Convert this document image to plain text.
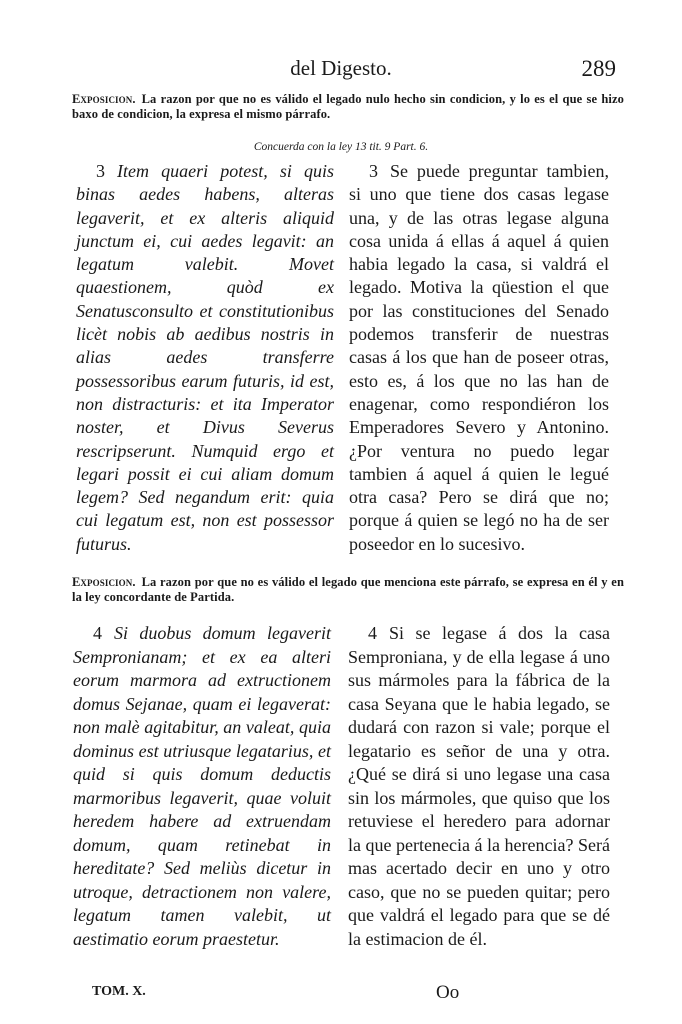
del Digesto.	289
Exposicion. La razon por que no es válido el legado nulo hecho sin condicion, y lo es el que se hizo baxo de condicion, la expresa el mismo párrafo.
Concuerda con la ley 13 tit. 9 Part. 6.
3 Item quaeri potest, si quis binas aedes habens, alteras legaverit, et ex alteris aliquid junctum ei, cui aedes legavit: an legatum valebit. Movet quaestionem, quòd ex Senatusconsulto et constitutionibus licèt nobis ab aedibus nostris in alias aedes transferre possessoribus earum futuris, id est, non distracturis: et ita Imperator noster, et Divus Severus rescripserunt. Numquid ergo et legari possit ei cui aliam domum legem? Sed negandum erit: quia cui legatum est, non est possessor futurus.
3 Se puede preguntar tambien, si uno que tiene dos casas legase una, y de las otras legase alguna cosa unida á ellas á aquel á quien habia legado la casa, si valdrá el legado. Motiva la qüestion el que por las constituciones del Senado podemos transferir de nuestras casas á los que han de poseer otras, esto es, á los que no las han de enagenar, como respondiéron los Emperadores Severo y Antonino. ¿Por ventura no puedo legar tambien á aquel á quien le legué otra casa? Pero se dirá que no; porque á quien se legó no ha de ser poseedor en lo sucesivo.
Exposicion. La razon por que no es válido el legado que menciona este párrafo, se expresa en él y en la ley concordante de Partida.
4 Si duobus domum legaverit Sempronianam; et ex ea alteri eorum marmora ad extructionem domus Sejanae, quam ei legaverat: non malè agitabitur, an valeat, quia dominus est utriusque legatarius, et quid si quis domum deductis marmoribus legaverit, quae voluit heredem habere ad extruendam domum, quam retinebat in hereditate? Sed meliùs dicetur in utroque, detractionem non valere, legatum tamen valebit, ut aestimatio eorum praestetur.
4 Si se legase á dos la casa Semproniana, y de ella legase á uno sus mármoles para la fábrica de la casa Seyana que le habia legado, se dudará con razon si vale; porque el legatario es señor de una y otra. ¿Qué se dirá si uno legase una casa sin los mármoles, que quiso que los retuviese el heredero para adornar la que pertenecia á la herencia? Será mas acertado decir en uno y otro caso, que no se pueden quitar; pero que valdrá el legado para que se dé la estimacion de él.
TOM. X.	Oo
